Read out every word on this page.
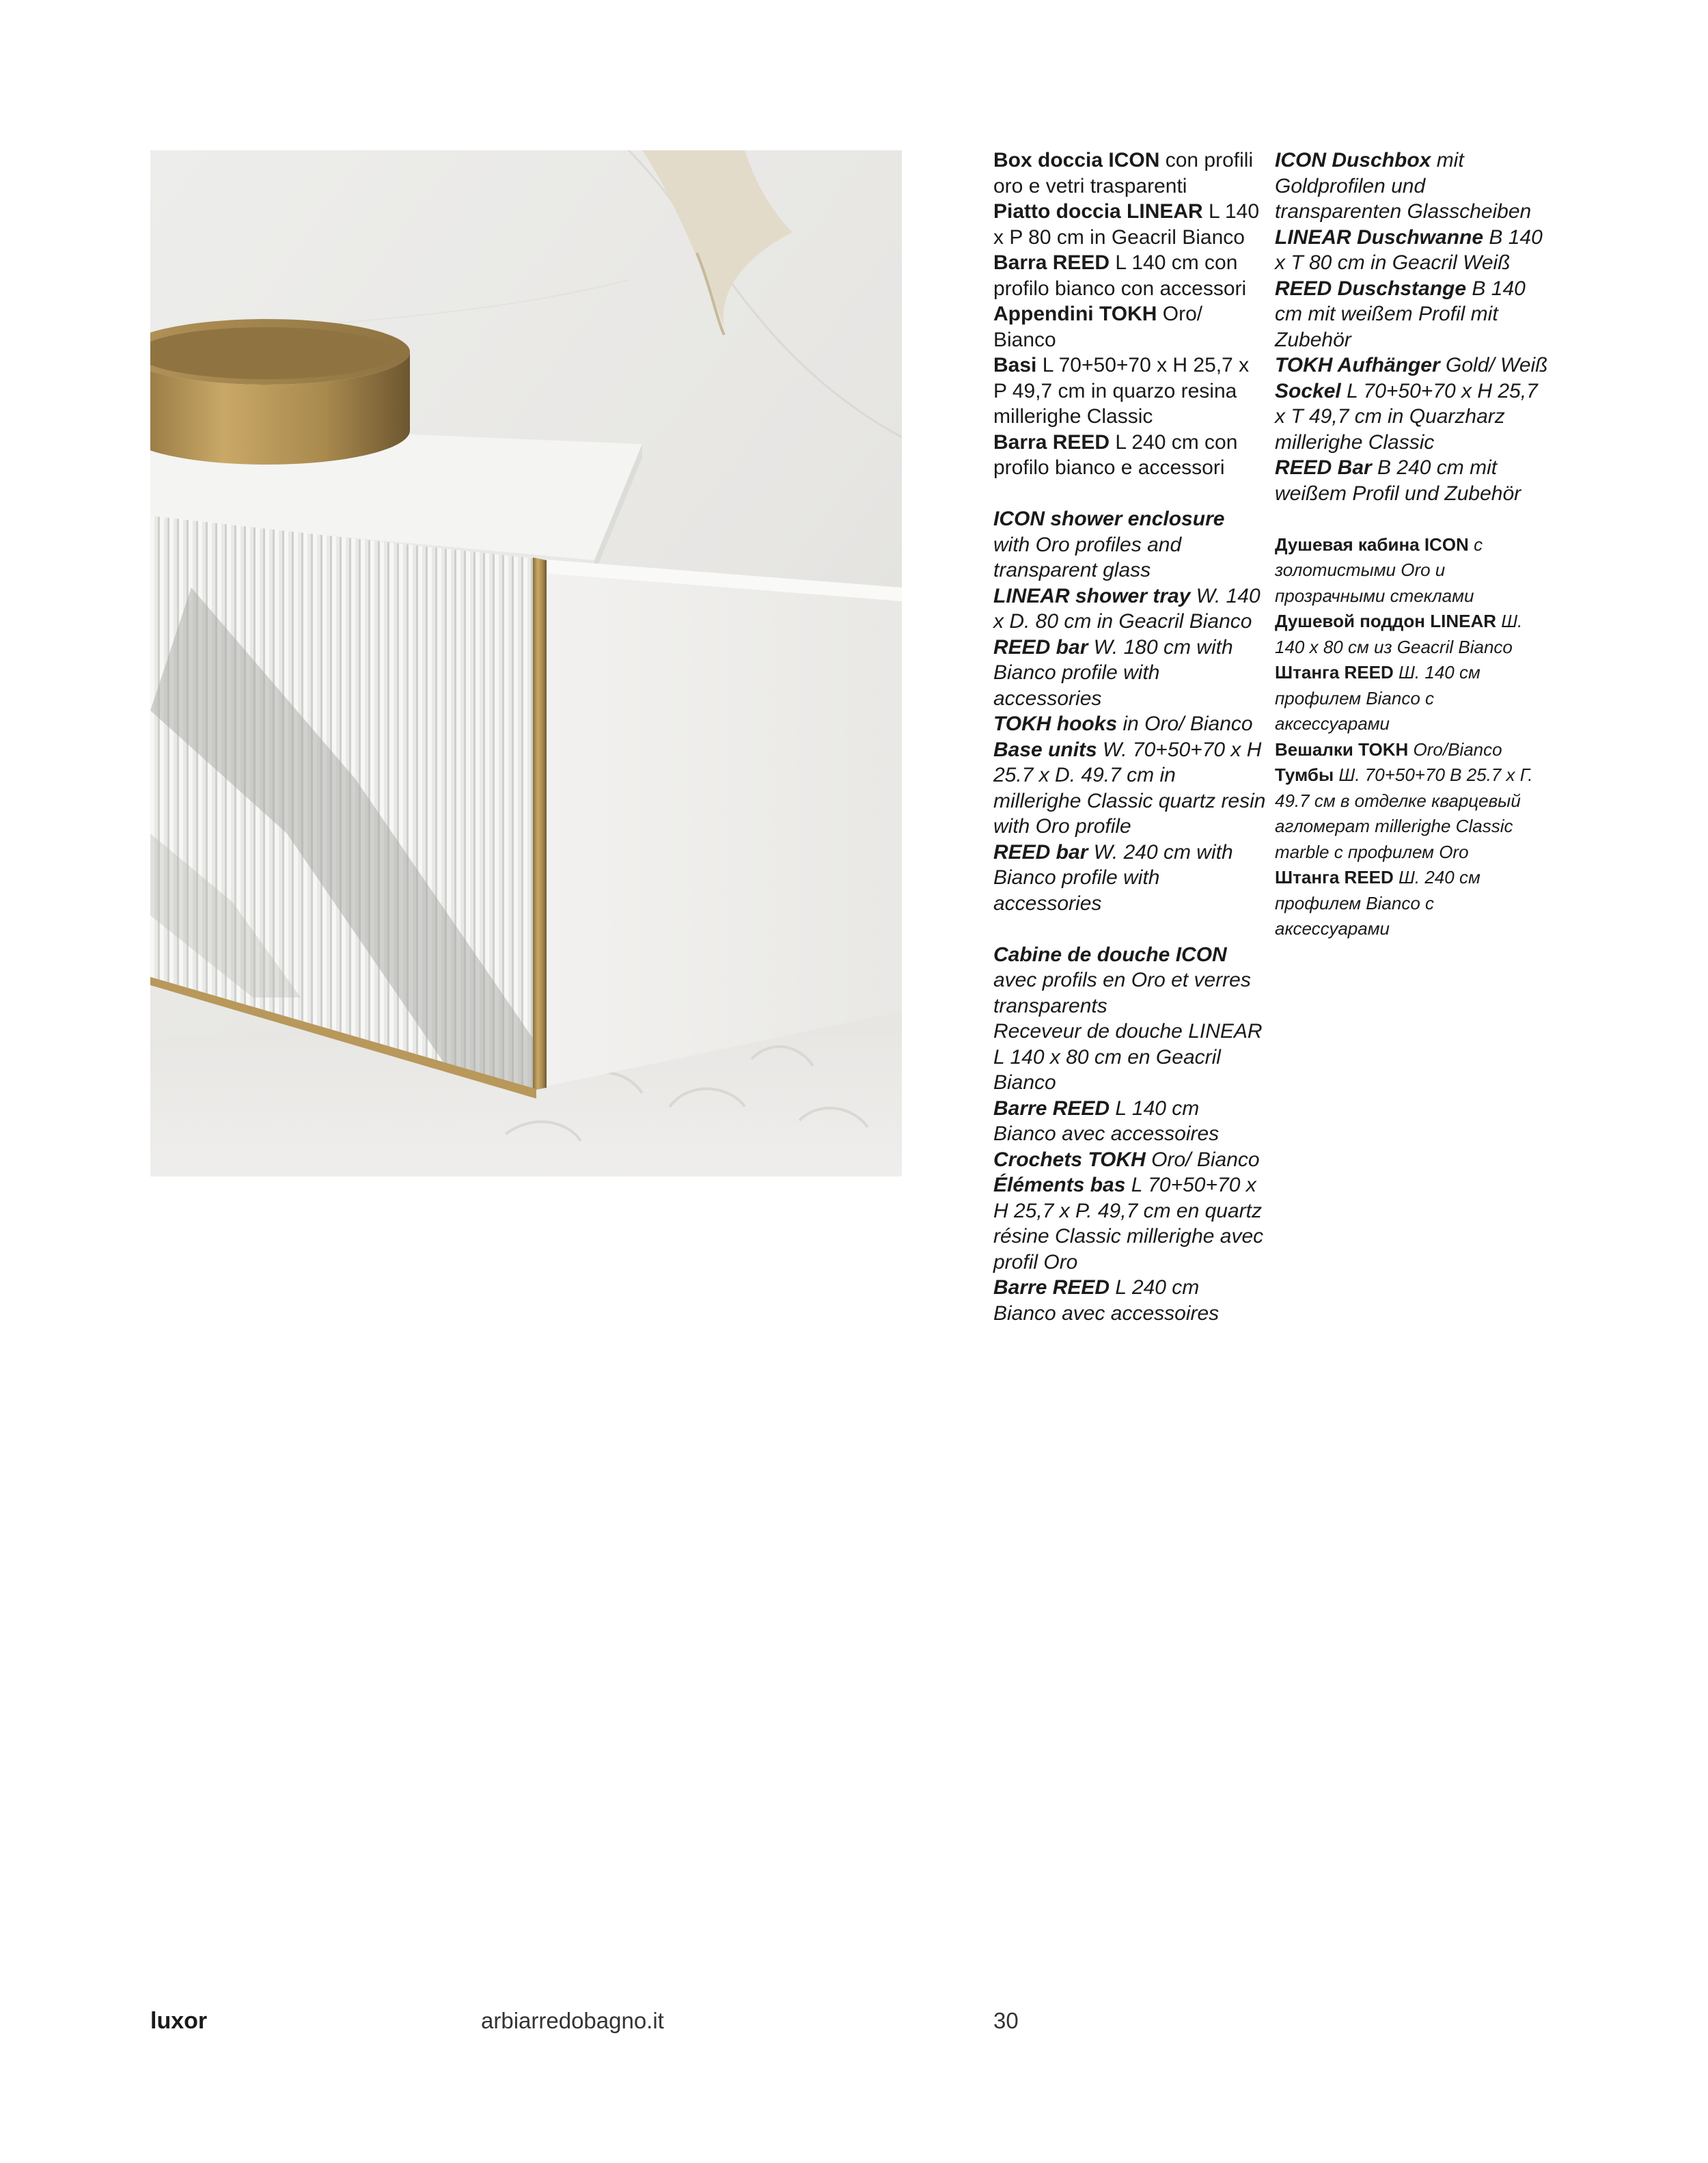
Box doccia ICON con profili oro e vetri trasparenti

Piatto doccia LINEAR L 140 x P 80 cm in Geacril Bianco

Barra REED L 140 cm con profilo bianco con accessori

Appendini TOKH Oro/ Bianco

Basi L 70+50+70 x H 25,7 x P 49,7 cm in quarzo resina millerighe Classic

Barra REED L 240 cm con profilo bianco e accessori

ICON shower enclosure with Oro profiles and transparent glass

LINEAR shower tray W. 140 x D. 80 cm in Geacril Bianco

REED bar W. 180 cm with Bianco profile with accessories

TOKH hooks in Oro/ Bianco

Base units W. 70+50+70 x H 25.7 x D. 49.7 cm in millerighe Classic quartz resin with Oro profile

REED bar W. 240 cm with Bianco profile with accessories

Cabine de douche ICON avec profils en Oro et verres transparents

Receveur de douche LINEAR L 140 x 80 cm en Geacril Bianco

Barre REED L 140 cm Bianco avec accessoires

Crochets TOKH Oro/ Bianco

Éléments bas L 70+50+70 x H 25,7 x P. 49,7 cm en quartz résine Classic millerighe avec profil Oro

Barre REED L 240 cm Bianco avec accessoires

ICON Duschbox mit Goldprofilen und transparenten Glasscheiben

LINEAR Duschwanne B 140 x T 80 cm in Geacril Weiß

REED Duschstange B 140 cm mit weißem Profil mit Zubehör

TOKH Aufhänger Gold/ Weiß

Sockel L 70+50+70 x H 25,7 x T 49,7 cm in Quarzharz millerighe Classic

REED Bar B 240 cm mit weißem Profil und Zubehör

Душевая кабина ICON с золотистыми Oro и прозрачными стеклами

Душевой поддон LINEAR Ш. 140 х 80 см из Geacril Bianco

Штанга REED Ш. 140 см профилем Bianco с аксессуарами

Вешалки TOKH Oro/Bianco

Тумбы Ш. 70+50+70 В 25.7 х Г. 49.7 см в отделке кварцевый агломерат millerighe Classic marble с профилем Oro

Штанга REED Ш. 240 см профилем Bianco с аксессуарами

luxor	arbiarredobagno.it	30
